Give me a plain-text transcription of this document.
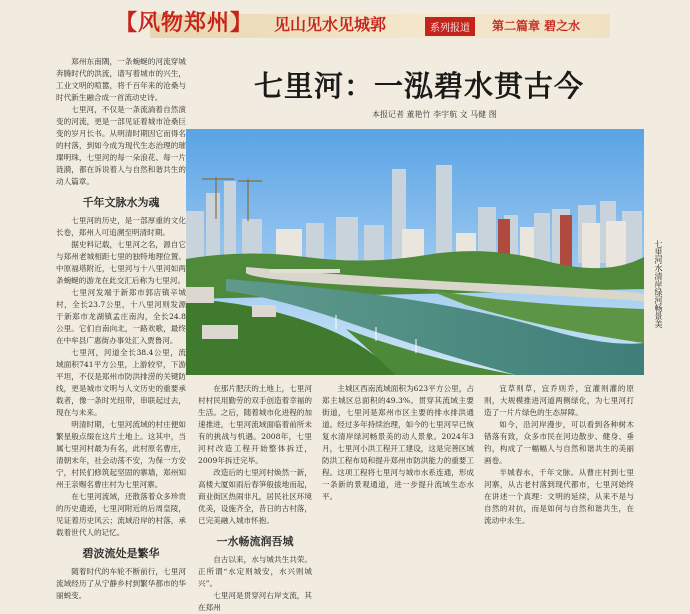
【风物郑州】 见山见水见城郭	系列报道	第二篇章 碧之水

郑州东南隅，一条蜿蜒的河流穿城奔腾时代的洪流，谱写着城市的兴生，工业文明的喧嚣，将千百年来的沧桑与时代新生融合成一首流动史诗。

七里河，不仅是一条流淌着自然演变的河流，更是一部见证着城市沧桑巨变的岁月长书。从明清时期因它而得名的村落，到如今成为现代生态治理的璀璨明珠，七里河的每一朵浪花、每一片涟漪，都在诉说着人与自然和谐共生的动人篇章。

千年文脉水为魂

七里河的历史，是一部厚重的文化长卷，郑州人可追溯至明清时期。

据史料记载，七里河之名，源自它与郑州老城相距七里的独特地理位置。中原福塔附近，七里河与十八里河如两条蜿蜒的游龙在此交汇后称为七里河。

七里河发端于新郑市郭店镇辛城村，全长23.7公里，十八里河则发源于新郑市龙湖镇孟庄南沟，全长24.8公里。它们自南向北，一路欢歌，最终在中牟县广惠街办事处汇入贾鲁河。

七里河，河道全长38.4公里，流域面积741平方公里，上游较窄，下游平坦，不仅是郑州市防洪排涝的关键防线，更是城市文明与人文历史的重要承载者，像一条时光纽带，串联起过去，现在与未来。

明清时期，七里河流域的村庄便如繁星般点缀在这片土地上。这其中，当属七里河村最为有名，此村原名曹庄，清朝末年，社会动荡不安，为保一方安宁，村民们修筑起坚固的寨墙，郑州知州王亲赐名曹庄村为七里河寨。

在七里河流域，还散落着众多珍贵的历史遗迹，七里河附近的后周皇陵，见证着历史风云；流域沿岸的村落，承载着世代人的记忆。

碧波流处是繁华

随着时代的车轮不断前行，七里河流域经历了从宁静乡村到繁华都市的华丽蜕变。

七里河：一泓碧水贯古今
本报记者 董艳竹 李宇航 文 马健 图
七里河水清岸绿河畅景美

在那片肥沃的土地上，七里河村村民用勤劳的双手创造着幸福的生活。之后，随着城市化进程的加速推进，七里河流域面临着前所未有的挑战与机遇。2008年，七里河村改造工程开始整体拆迁，2009年拆迁完毕。

改造后的七里河村焕然一新，高楼大厦如雨后春笋般拔地而起，商业街区热闹非凡，居民社区环境优美，设施齐全，昔日的古村落，已完美融入城市怀抱。

一水畅流润吾城

自古以来，水与城共生共荣。正所谓“水定则城安，水兴则城兴”。

七里河是贯穿河右岸支流，其在郑州

主城区西南流域面积为623平方公里，占郑主城区总面积的49.3%。贯穿其流域主要街道，七里河是郑州市区主要的排水排洪通道。经过多年持续治理，如今的七里河早已恢复水清岸绿河畅景美的动人景象。2024年3月，七里河小洪工程开工建设，这是完善区域防洪工程布局和提升郑州市防洪能力的重要工程。这项工程将七里河与城市水系连通，形成一条新的景观通道，进一步提升流域生态水平。

宜草则草，宜乔则乔，宜灌则灌的原则，大规模推进河道两侧绿化，为七里河打造了一片片绿色的生态屏障。

如今，沿河岸漫步，可以看到各种树木错落有致，众多市民在河边散步、健身、垂钓，构成了一幅幅人与自然和谐共生的美丽画卷。

半城春水，千年文脉。从曹庄村到七里河寨，从古老村落到现代都市，七里河始终在讲述一个真理：文明的延续，从来不是与自然的对抗，而是如何与自然和谐共生，在流动中永生。
